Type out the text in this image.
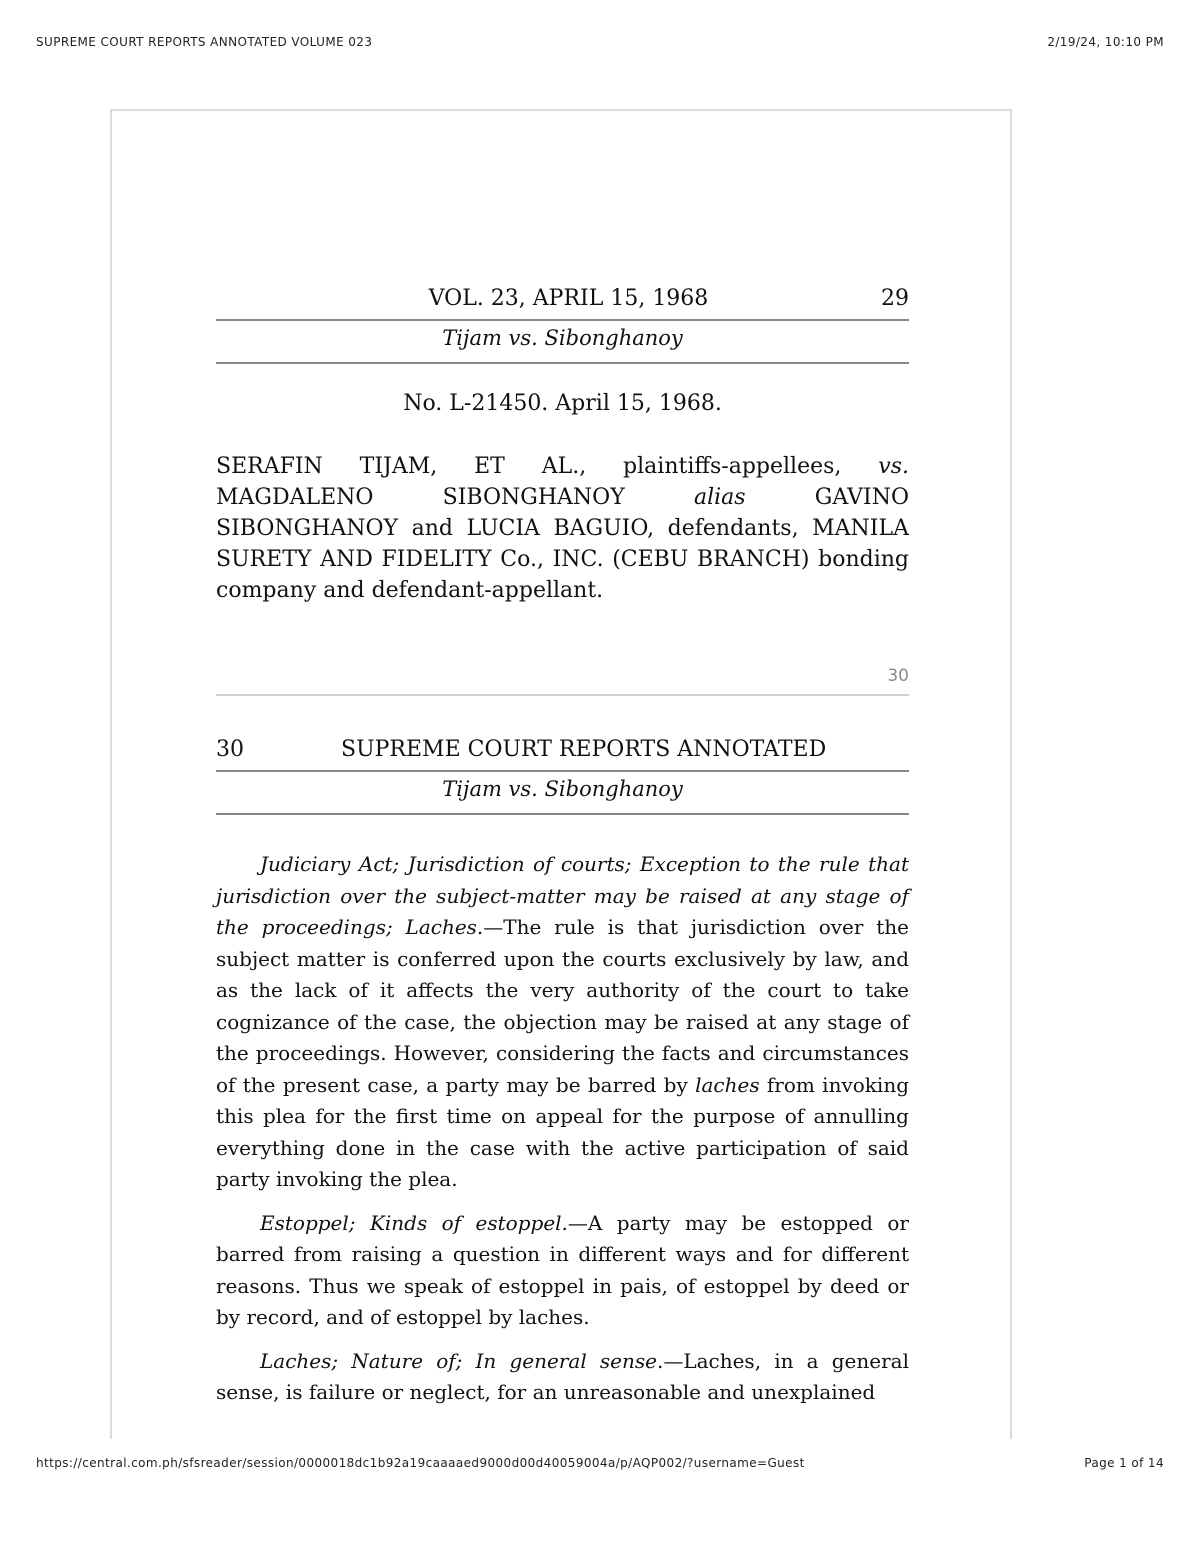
SUPREME COURT REPORTS ANNOTATED VOLUME 023	2/19/24, 10:10 PM
VOL. 23, APRIL 15, 1968	29
Tijam vs. Sibonghanoy
No. L-21450. April 15, 1968.
SERAFIN TIJAM, ET AL., plaintiffs-appellees, vs. MAGDALENO SIBONGHANOY alias GAVINO SIBONGHANOY and LUCIA BAGUIO, defendants, MANILA SURETY AND FIDELITY Co., INC. (CEBU BRANCH) bonding company and defendant-appellant.
30
30	SUPREME COURT REPORTS ANNOTATED
Tijam vs. Sibonghanoy

Judiciary Act; Jurisdiction of courts; Exception to the rule that jurisdiction over the subject-matter may be raised at any stage of the proceedings; Laches.—The rule is that jurisdiction over the subject matter is conferred upon the courts exclusively by law, and as the lack of it affects the very authority of the court to take cognizance of the case, the objection may be raised at any stage of the proceedings. However, considering the facts and circumstances of the present case, a party may be barred by laches from invoking this plea for the first time on appeal for the purpose of annulling everything done in the case with the active participation of said party invoking the plea.

Estoppel; Kinds of estoppel.—A party may be estopped or barred from raising a question in different ways and for different reasons. Thus we speak of estoppel in pais, of estoppel by deed or by record, and of estoppel by laches.

Laches; Nature of; In general sense.—Laches, in a general sense, is failure or neglect, for an unreasonable and unexplained

https://central.com.ph/sfsreader/session/0000018dc1b92a19caaaaed9000d00d40059004a/p/AQP002/?username=Guest	Page 1 of 14
